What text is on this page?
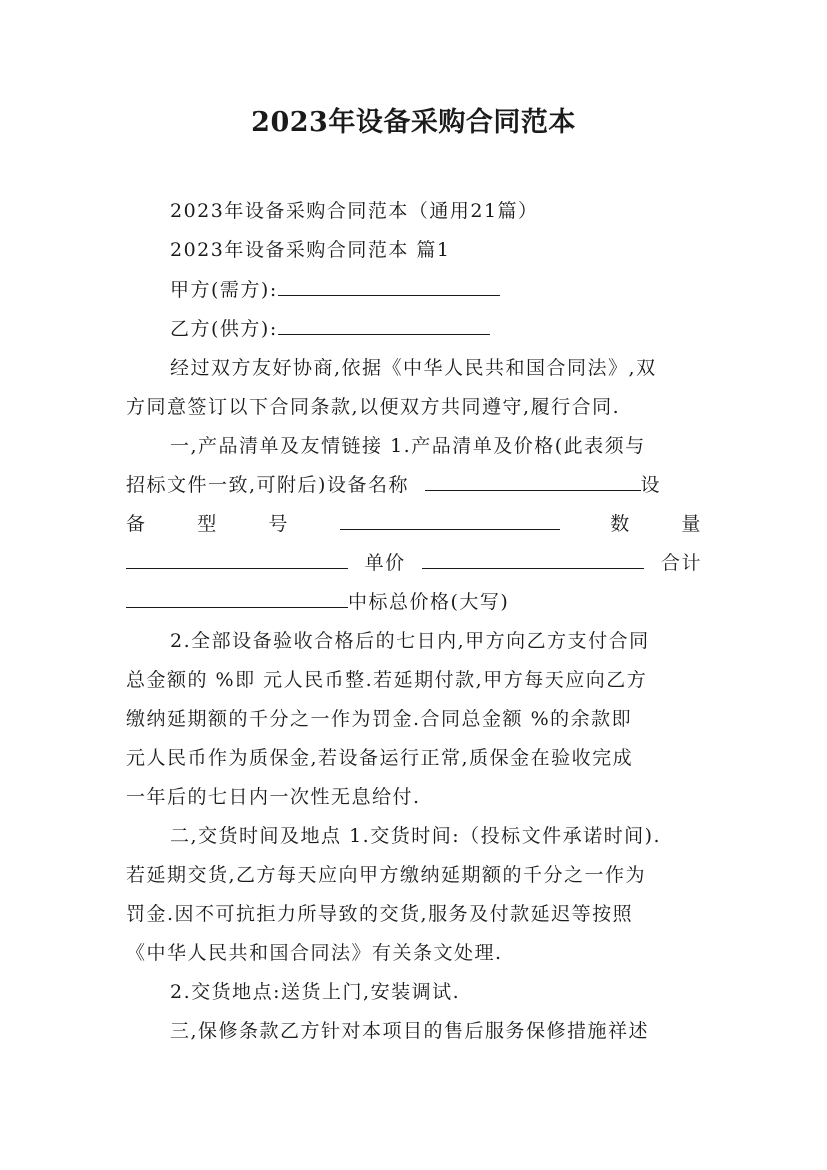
2023年设备采购合同范本
2023年设备采购合同范本（通用21篇）
2023年设备采购合同范本 篇1
甲方(需方):
乙方(供方):
经过双方友好协商,依据《中华人民共和国合同法》,双
方同意签订以下合同条款,以便双方共同遵守,履行合同.
一,产品清单及友情链接 1.产品清单及价格(此表须与
招标文件一致,可附后)设备名称	设
备	型	号	数	量
单价	合计
中标总价格(大写)
2.全部设备验收合格后的七日内,甲方向乙方支付合同
总金额的 %即 元人民币整.若延期付款,甲方每天应向乙方
缴纳延期额的千分之一作为罚金.合同总金额 %的余款即
元人民币作为质保金,若设备运行正常,质保金在验收完成
一年后的七日内一次性无息给付.
二,交货时间及地点 1.交货时间:（投标文件承诺时间).
若延期交货,乙方每天应向甲方缴纳延期额的千分之一作为
罚金.因不可抗拒力所导致的交货,服务及付款延迟等按照
《中华人民共和国合同法》有关条文处理.
2.交货地点:送货上门,安装调试.
三,保修条款乙方针对本项目的售后服务保修措施祥述
